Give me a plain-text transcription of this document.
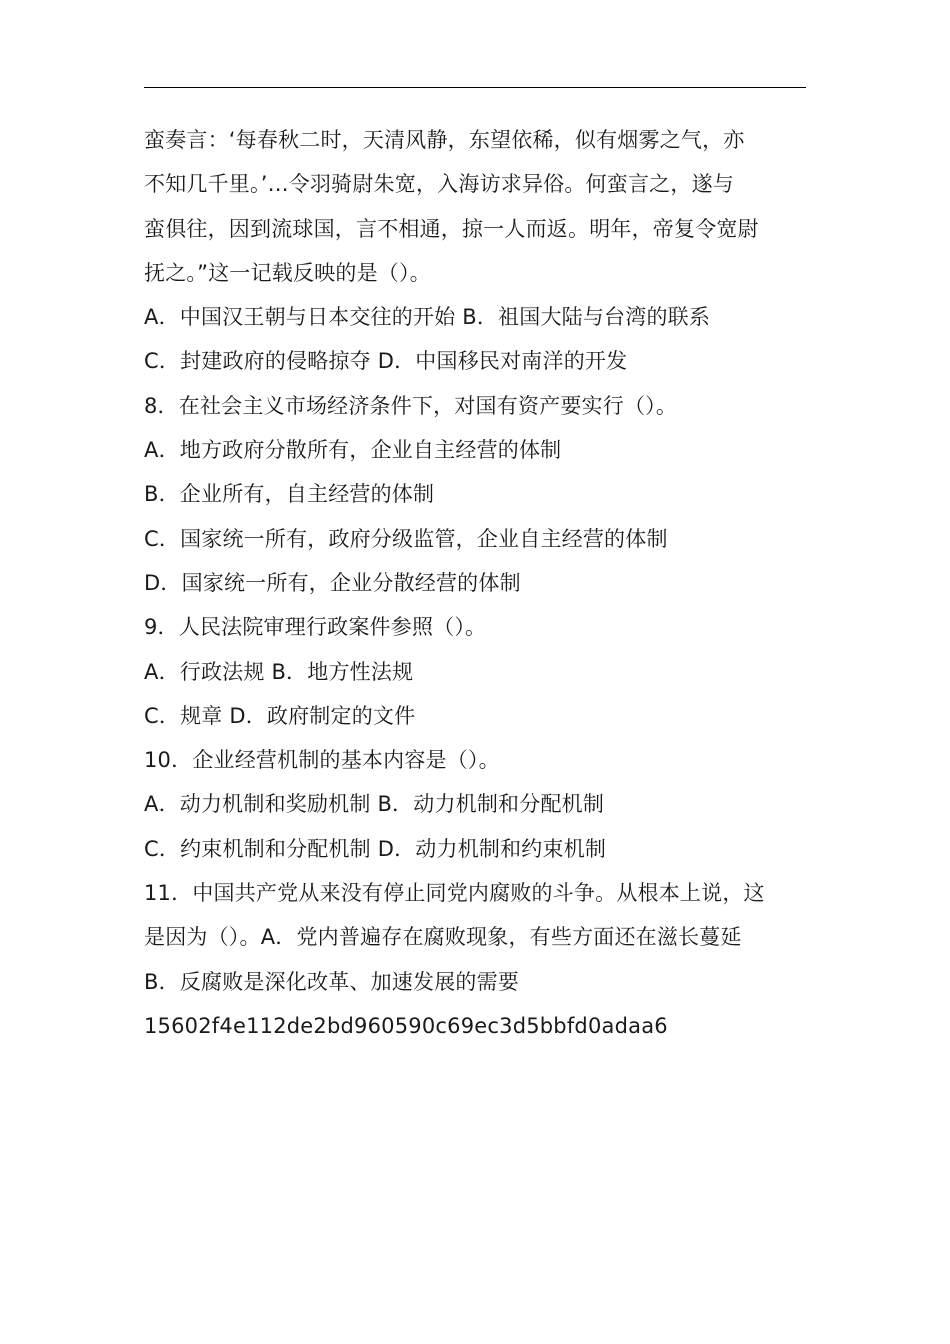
蛮奏言：‘每春秋二时，天清风静，东望依稀，似有烟雾之气，亦
不知几千里。’…令羽骑尉朱宽，入海访求异俗。何蛮言之，遂与
蛮俱往，因到流球国，言不相通，掠一人而返。明年，帝复令宽尉
抚之。”这一记载反映的是（）。
A．中国汉王朝与日本交往的开始 B．祖国大陆与台湾的联系
C．封建政府的侵略掠夺 D．中国移民对南洋的开发
8．在社会主义市场经济条件下，对国有资产要实行（）。
A．地方政府分散所有，企业自主经营的体制
B．企业所有，自主经营的体制
C．国家统一所有，政府分级监管，企业自主经营的体制
D．国家统一所有，企业分散经营的体制
9．人民法院审理行政案件参照（）。
A．行政法规 B．地方性法规
C．规章 D．政府制定的文件
10．企业经营机制的基本内容是（）。
A．动力机制和奖励机制 B．动力机制和分配机制
C．约束机制和分配机制 D．动力机制和约束机制
11．中国共产党从来没有停止同党内腐败的斗争。从根本上说，这
是因为（）。A．党内普遍存在腐败现象，有些方面还在滋长蔓延
B．反腐败是深化改革、加速发展的需要
15602f4e112de2bd960590c69ec3d5bbfd0adaa6
